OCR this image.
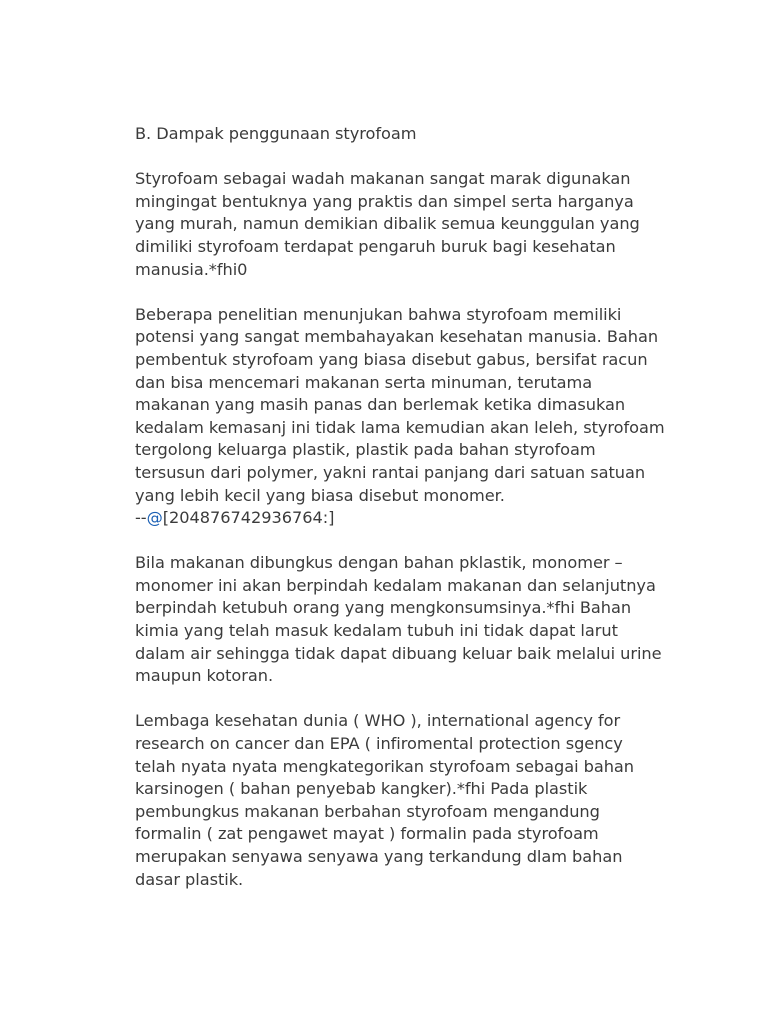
B. Dampak penggunaan styrofoam
Styrofoam sebagai wadah makanan sangat marak digunakan
mingingat bentuknya yang praktis dan simpel serta harganya
yang murah, namun demikian dibalik semua keunggulan yang
dimiliki styrofoam terdapat pengaruh buruk bagi kesehatan
manusia.*fhi0
Beberapa penelitian menunjukan bahwa styrofoam memiliki
potensi yang sangat membahayakan kesehatan manusia. Bahan
pembentuk styrofoam yang biasa disebut gabus, bersifat racun
dan bisa mencemari makanan serta minuman, terutama
makanan yang masih panas dan berlemak ketika dimasukan
kedalam kemasanj ini tidak lama kemudian akan leleh, styrofoam
tergolong keluarga plastik, plastik pada bahan styrofoam
tersusun dari polymer, yakni rantai panjang dari satuan satuan
yang lebih kecil yang biasa disebut monomer.
--@[204876742936764:]
Bila makanan dibungkus dengan bahan pklastik, monomer –
monomer ini akan berpindah kedalam makanan dan selanjutnya
berpindah ketubuh orang yang mengkonsumsinya.*fhi Bahan
kimia yang telah masuk kedalam tubuh ini tidak dapat larut
dalam air sehingga tidak dapat dibuang keluar baik melalui urine
maupun kotoran.
Lembaga kesehatan dunia ( WHO ), international agency for
research on cancer dan EPA ( infiromental protection sgency
telah nyata nyata mengkategorikan styrofoam sebagai bahan
karsinogen ( bahan penyebab kangker).*fhi Pada plastik
pembungkus makanan berbahan styrofoam mengandung
formalin ( zat pengawet mayat ) formalin pada styrofoam
merupakan senyawa senyawa yang terkandung dlam bahan
dasar plastik.
